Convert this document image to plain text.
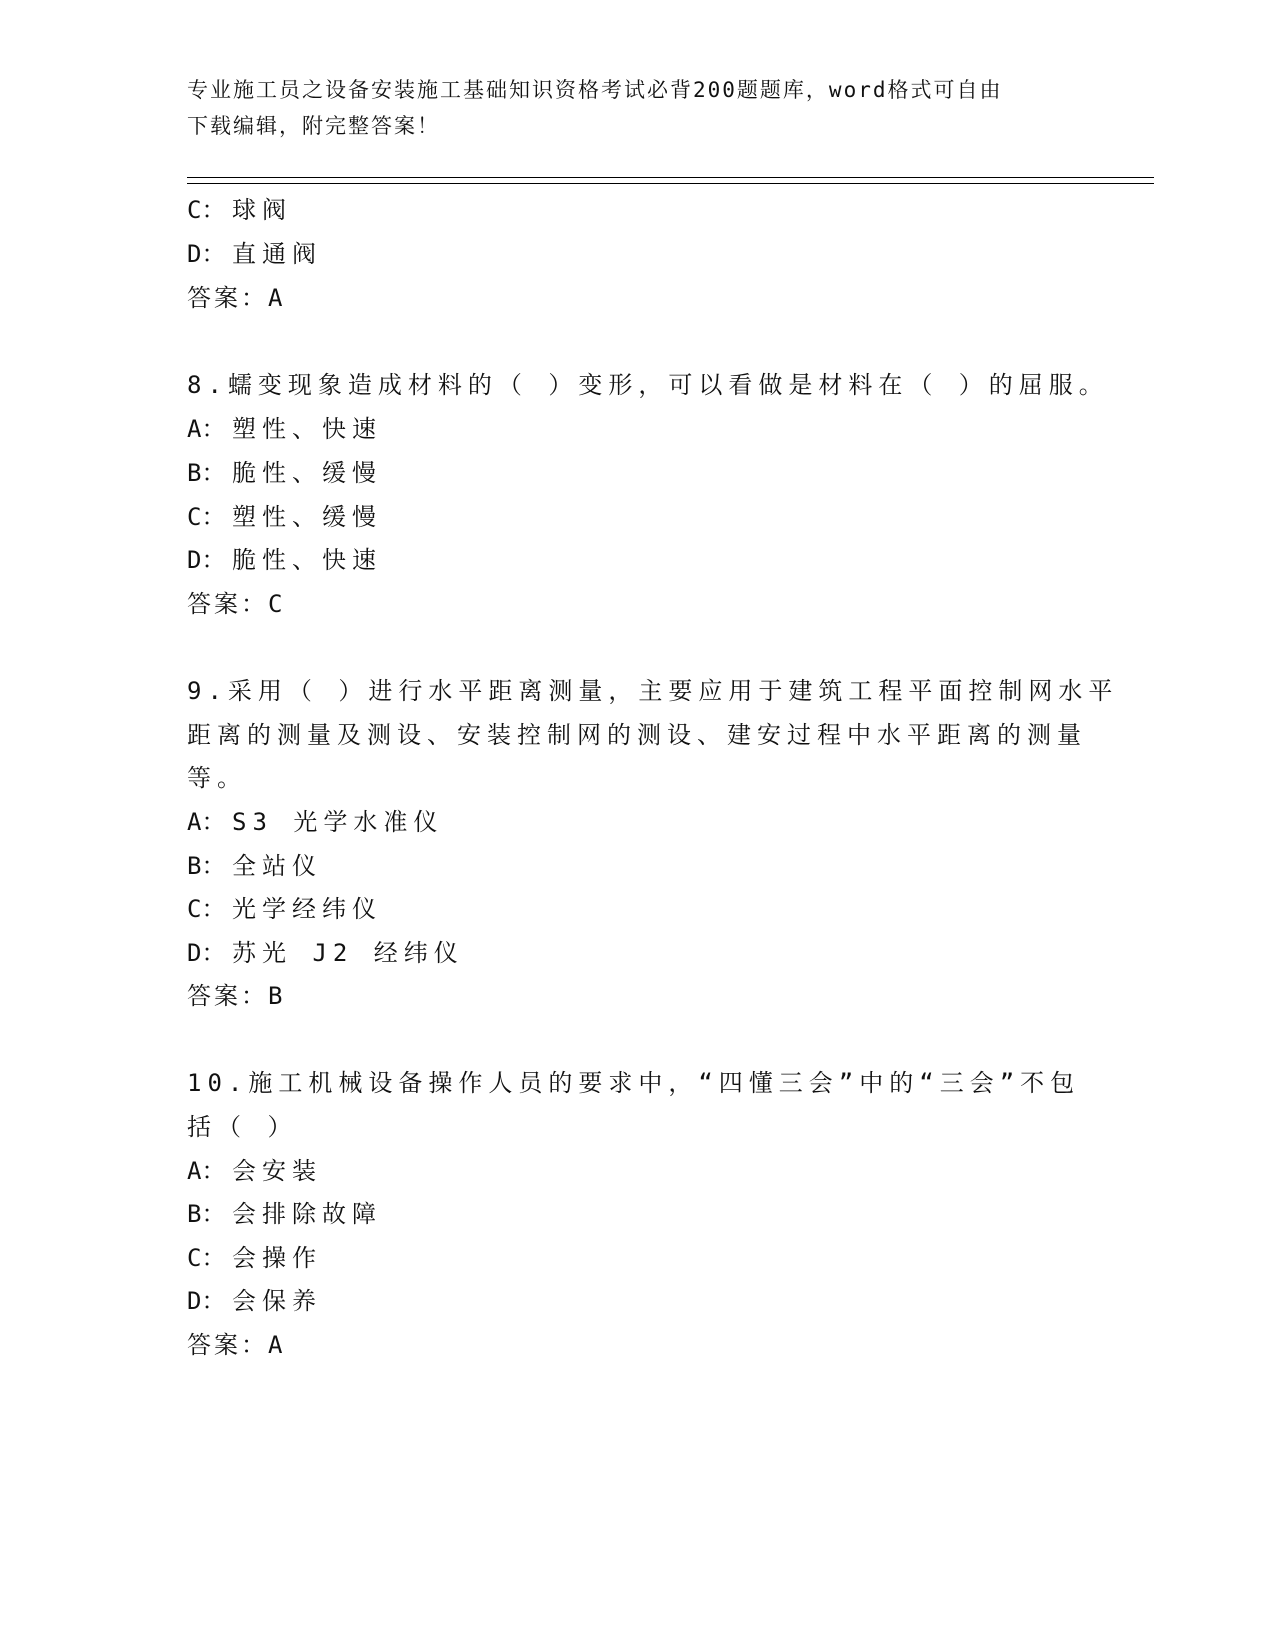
专业施工员之设备安装施工基础知识资格考试必背200题题库，word格式可自由
下载编辑，附完整答案！
C： 球阀
D： 直通阀
答案：A
8.蠕变现象造成材料的（ ）变形，可以看做是材料在（ ）的屈服。
A： 塑性、快速
B： 脆性、缓慢
C： 塑性、缓慢
D： 脆性、快速
答案：C
9.采用（ ）进行水平距离测量，主要应用于建筑工程平面控制网水平
距离的测量及测设、安装控制网的测设、建安过程中水平距离的测量
等。
A： S3 光学水准仪
B： 全站仪
C： 光学经纬仪
D： 苏光 J2 经纬仪
答案：B
10.施工机械设备操作人员的要求中，“四懂三会”中的“三会”不包
括（ ）
A： 会安装
B： 会排除故障
C： 会操作
D： 会保养
答案：A
